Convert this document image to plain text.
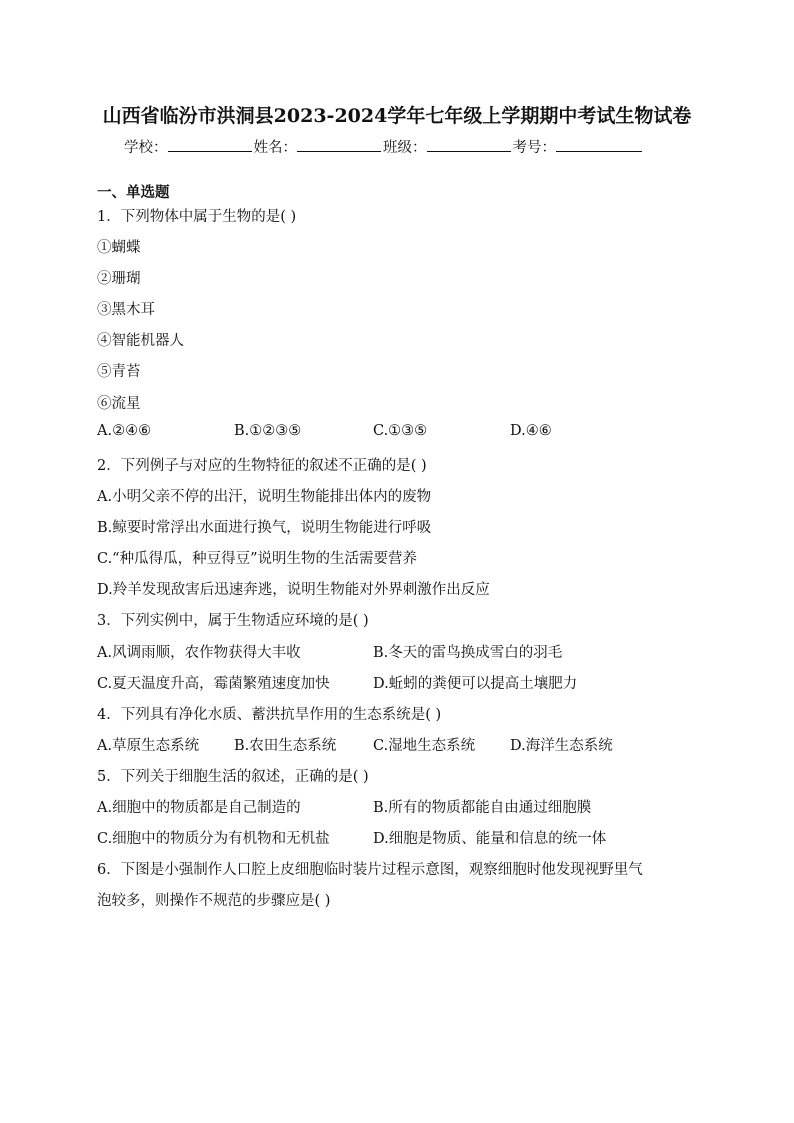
山西省临汾市洪洞县2023-2024学年七年级上学期期中考试生物试卷
学校：	姓名：	班级：	考号：
一、单选题
1．下列物体中属于生物的是( )
①蝴蝶
②珊瑚
③黑木耳
④智能机器人
⑤青苔
⑥流星
A.②④⑥	B.①②③⑤	C.①③⑤	D.④⑥
2．下列例子与对应的生物特征的叙述不正确的是( )
A.小明父亲不停的出汗，说明生物能排出体内的废物
B.鲸要时常浮出水面进行换气，说明生物能进行呼吸
C.“种瓜得瓜，种豆得豆”说明生物的生活需要营养
D.羚羊发现敌害后迅速奔逃，说明生物能对外界刺激作出反应
3．下列实例中，属于生物适应环境的是( )
A.风调雨顺，农作物获得大丰收	B.冬天的雷鸟换成雪白的羽毛
C.夏天温度升高，霉菌繁殖速度加快	D.蚯蚓的粪便可以提高土壤肥力
4．下列具有净化水质、蓄洪抗旱作用的生态系统是( )
A.草原生态系统 B.农田生态系统	C.湿地生态系统 D.海洋生态系统
5．下列关于细胞生活的叙述，正确的是( )
A.细胞中的物质都是自己制造的	B.所有的物质都能自由通过细胞膜
C.细胞中的物质分为有机物和无机盐	D.细胞是物质、能量和信息的统一体
6．下图是小强制作人口腔上皮细胞临时装片过程示意图，观察细胞时他发现视野里气
泡较多，则操作不规范的步骤应是( )
